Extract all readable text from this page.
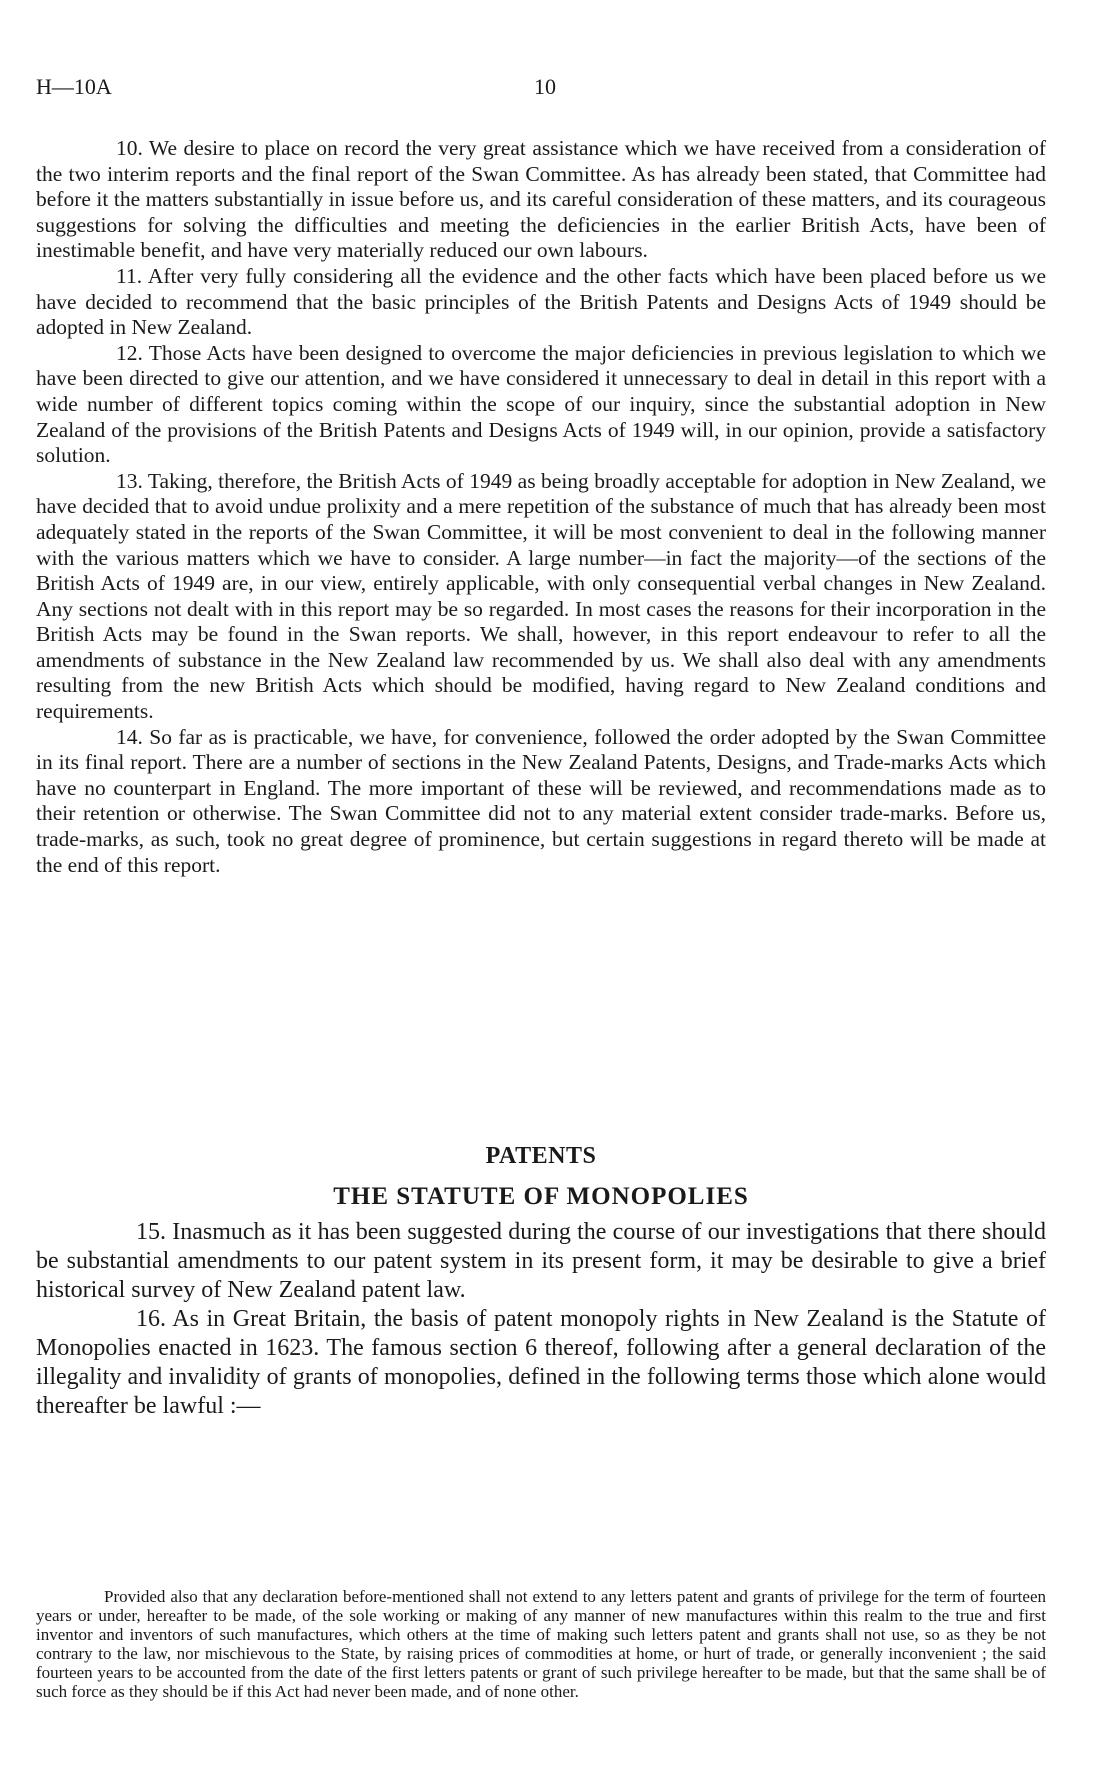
H—10A	10

10. We desire to place on record the very great assistance which we have received from a consideration of the two interim reports and the final report of the Swan Committee. As has already been stated, that Committee had before it the matters substantially in issue before us, and its careful consideration of these matters, and its courageous suggestions for solving the difficulties and meeting the deficiencies in the earlier British Acts, have been of inestimable benefit, and have very materially reduced our own labours.

11. After very fully considering all the evidence and the other facts which have been placed before us we have decided to recommend that the basic principles of the British Patents and Designs Acts of 1949 should be adopted in New Zealand.

12. Those Acts have been designed to overcome the major deficiencies in previous legislation to which we have been directed to give our attention, and we have considered it unnecessary to deal in detail in this report with a wide number of different topics coming within the scope of our inquiry, since the substantial adoption in New Zealand of the provisions of the British Patents and Designs Acts of 1949 will, in our opinion, provide a satisfactory solution.

13. Taking, therefore, the British Acts of 1949 as being broadly acceptable for adoption in New Zealand, we have decided that to avoid undue prolixity and a mere repetition of the substance of much that has already been most adequately stated in the reports of the Swan Committee, it will be most convenient to deal in the following manner with the various matters which we have to consider. A large number—in fact the majority—of the sections of the British Acts of 1949 are, in our view, entirely applicable, with only consequential verbal changes in New Zealand. Any sections not dealt with in this report may be so regarded. In most cases the reasons for their incorporation in the British Acts may be found in the Swan reports. We shall, however, in this report endeavour to refer to all the amendments of substance in the New Zealand law recommended by us. We shall also deal with any amendments resulting from the new British Acts which should be modified, having regard to New Zealand conditions and requirements.

14. So far as is practicable, we have, for convenience, followed the order adopted by the Swan Committee in its final report. There are a number of sections in the New Zealand Patents, Designs, and Trade-marks Acts which have no counterpart in England. The more important of these will be reviewed, and recommendations made as to their retention or otherwise. The Swan Committee did not to any material extent consider trade-marks. Before us, trade-marks, as such, took no great degree of prominence, but certain suggestions in regard thereto will be made at the end of this report.

PATENTS
THE STATUTE OF MONOPOLIES

15. Inasmuch as it has been suggested during the course of our investigations that there should be substantial amendments to our patent system in its present form, it may be desirable to give a brief historical survey of New Zealand patent law.

16. As in Great Britain, the basis of patent monopoly rights in New Zealand is the Statute of Monopolies enacted in 1623. The famous section 6 thereof, following after a general declaration of the illegality and invalidity of grants of monopolies, defined in the following terms those which alone would thereafter be lawful :—

Provided also that any declaration before-mentioned shall not extend to any letters patent and grants of privilege for the term of fourteen years or under, hereafter to be made, of the sole working or making of any manner of new manufactures within this realm to the true and first inventor and inventors of such manufactures, which others at the time of making such letters patent and grants shall not use, so as they be not contrary to the law, nor mischievous to the State, by raising prices of commodities at home, or hurt of trade, or generally inconvenient ; the said fourteen years to be accounted from the date of the first letters patents or grant of such privilege hereafter to be made, but that the same shall be of such force as they should be if this Act had never been made, and of none other.
